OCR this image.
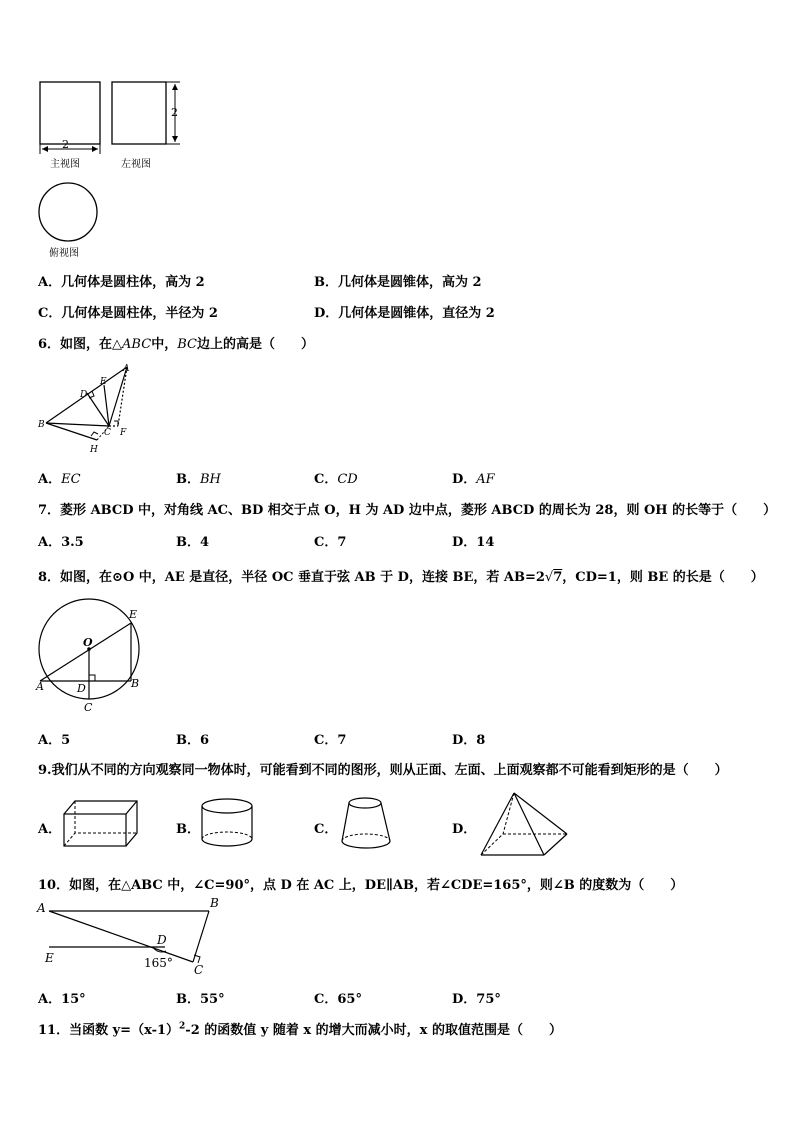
2
2
主视图	左视图
俯视图
A．几何体是圆柱体，高为 2	B．几何体是圆锥体，高为 2
C．几何体是圆柱体，半径为 2	D．几何体是圆锥体，直径为 2
6．如图，在△ABC中，BC边上的高是（　　）
A
E
D
B
C F
H
A．EC	B．BH	C．CD	D．AF
7．菱形 ABCD 中，对角线 AC、BD 相交于点 O，H 为 AD 边中点，菱形 ABCD 的周长为 28，则 OH 的长等于（　　）
A．3.5	B．4	C．7	D．14
8．如图，在⊙O 中，AE 是直径，半径 OC 垂直于弦 AB 于 D，连接 BE，若 AB=2√7，CD=1，则 BE 的长是（　　）
O
E
A	B
D
C
A．5	B．6	C．7	D．8
9.我们从不同的方向观察同一物体时，可能看到不同的图形，则从正面、左面、上面观察都不可能看到矩形的是（　　）
A．	B．	C．	D．
10．如图，在△ABC 中，∠C=90°，点 D 在 AC 上，DE∥AB，若∠CDE=165°，则∠B 的度数为（　　）
A	B
D
E
C
165°
A．15°	B．55°	C．65°	D．75°
11．当函数 $y=(x-1)^2-2$ 的函数值 y 随着 x 的增大而减小时，x 的取值范围是（　　）
